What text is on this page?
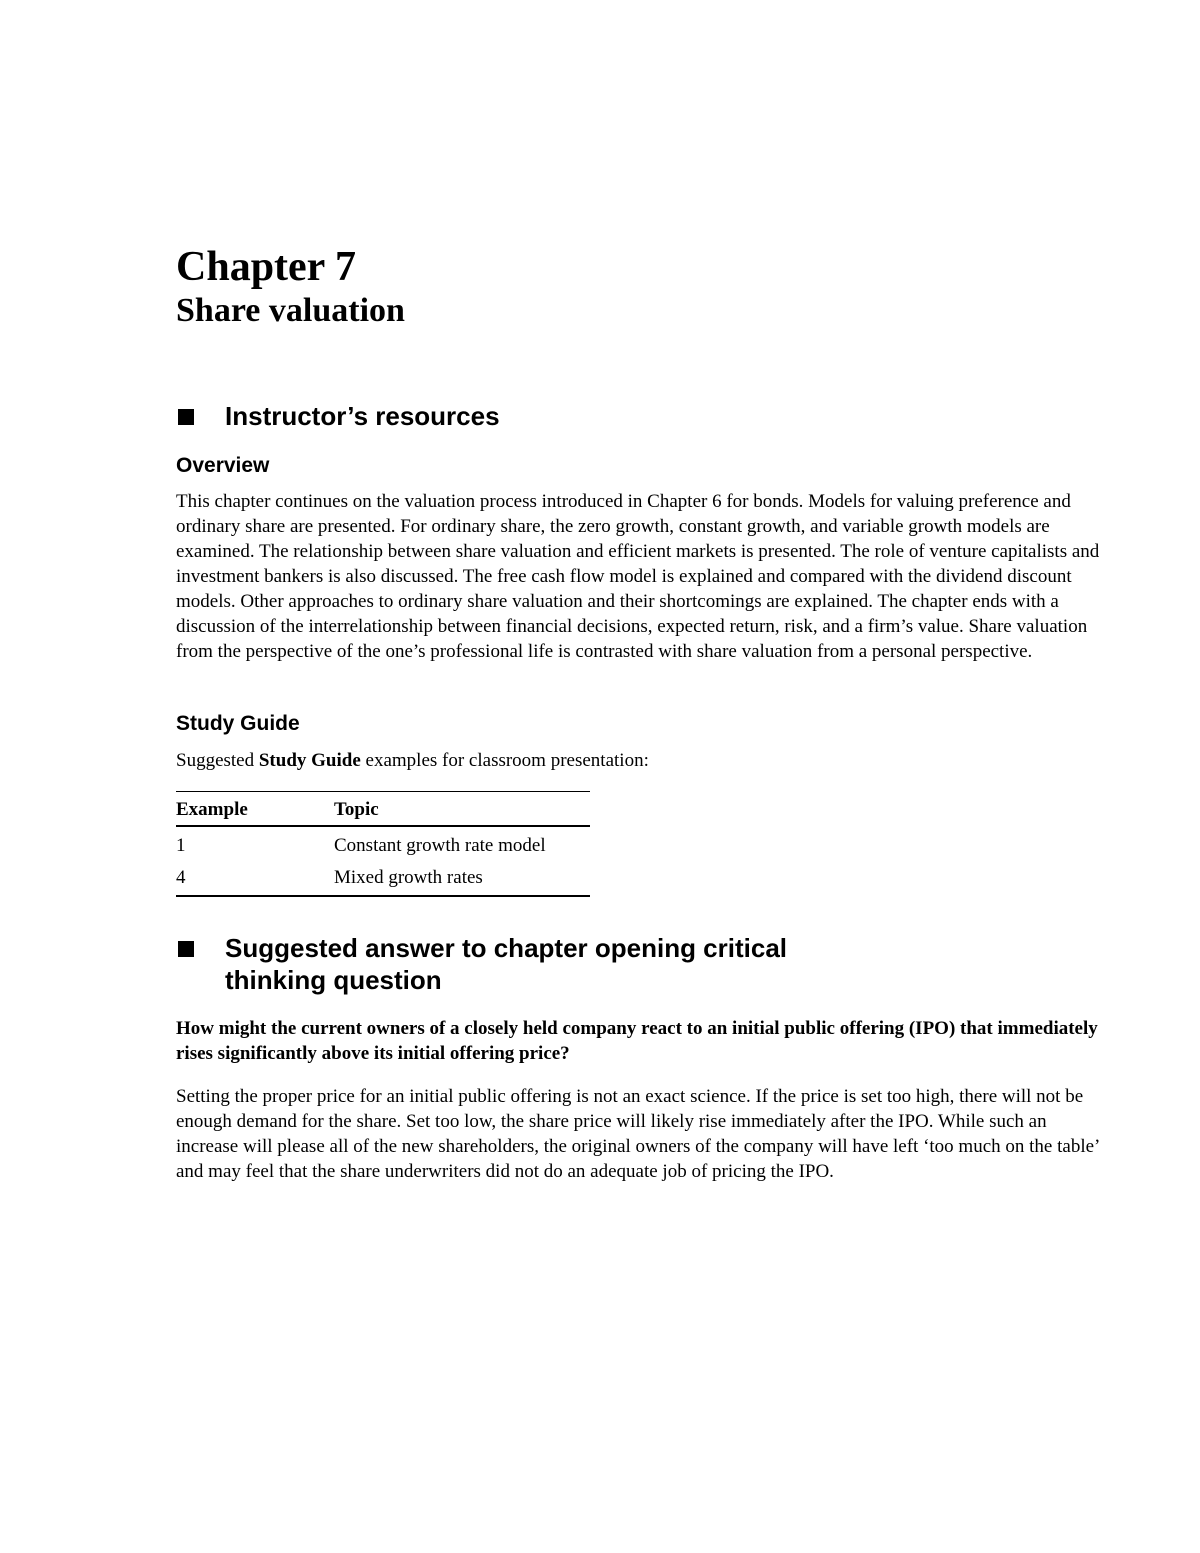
Chapter 7
Share valuation
Instructor’s resources
Overview

This chapter continues on the valuation process introduced in Chapter 6 for bonds. Models for valuing preference and ordinary share are presented. For ordinary share, the zero growth, constant growth, and variable growth models are examined. The relationship between share valuation and efficient markets is presented. The role of venture capitalists and investment bankers is also discussed. The free cash flow model is explained and compared with the dividend discount models. Other approaches to ordinary share valuation and their shortcomings are explained. The chapter ends with a discussion of the interrelationship between financial decisions, expected return, risk, and a firm’s value. Share valuation from the perspective of the one’s professional life is contrasted with share valuation from a personal perspective.

Study Guide

Suggested Study Guide examples for classroom presentation:

Example	Topic
1	Constant growth rate model
4	Mixed growth rates
Suggested answer to chapter opening critical thinking question

How might the current owners of a closely held company react to an initial public offering (IPO) that immediately rises significantly above its initial offering price?

Setting the proper price for an initial public offering is not an exact science. If the price is set too high, there will not be enough demand for the share. Set too low, the share price will likely rise immediately after the IPO. While such an increase will please all of the new shareholders, the original owners of the company will have left ‘too much on the table’ and may feel that the share underwriters did not do an adequate job of pricing the IPO.
